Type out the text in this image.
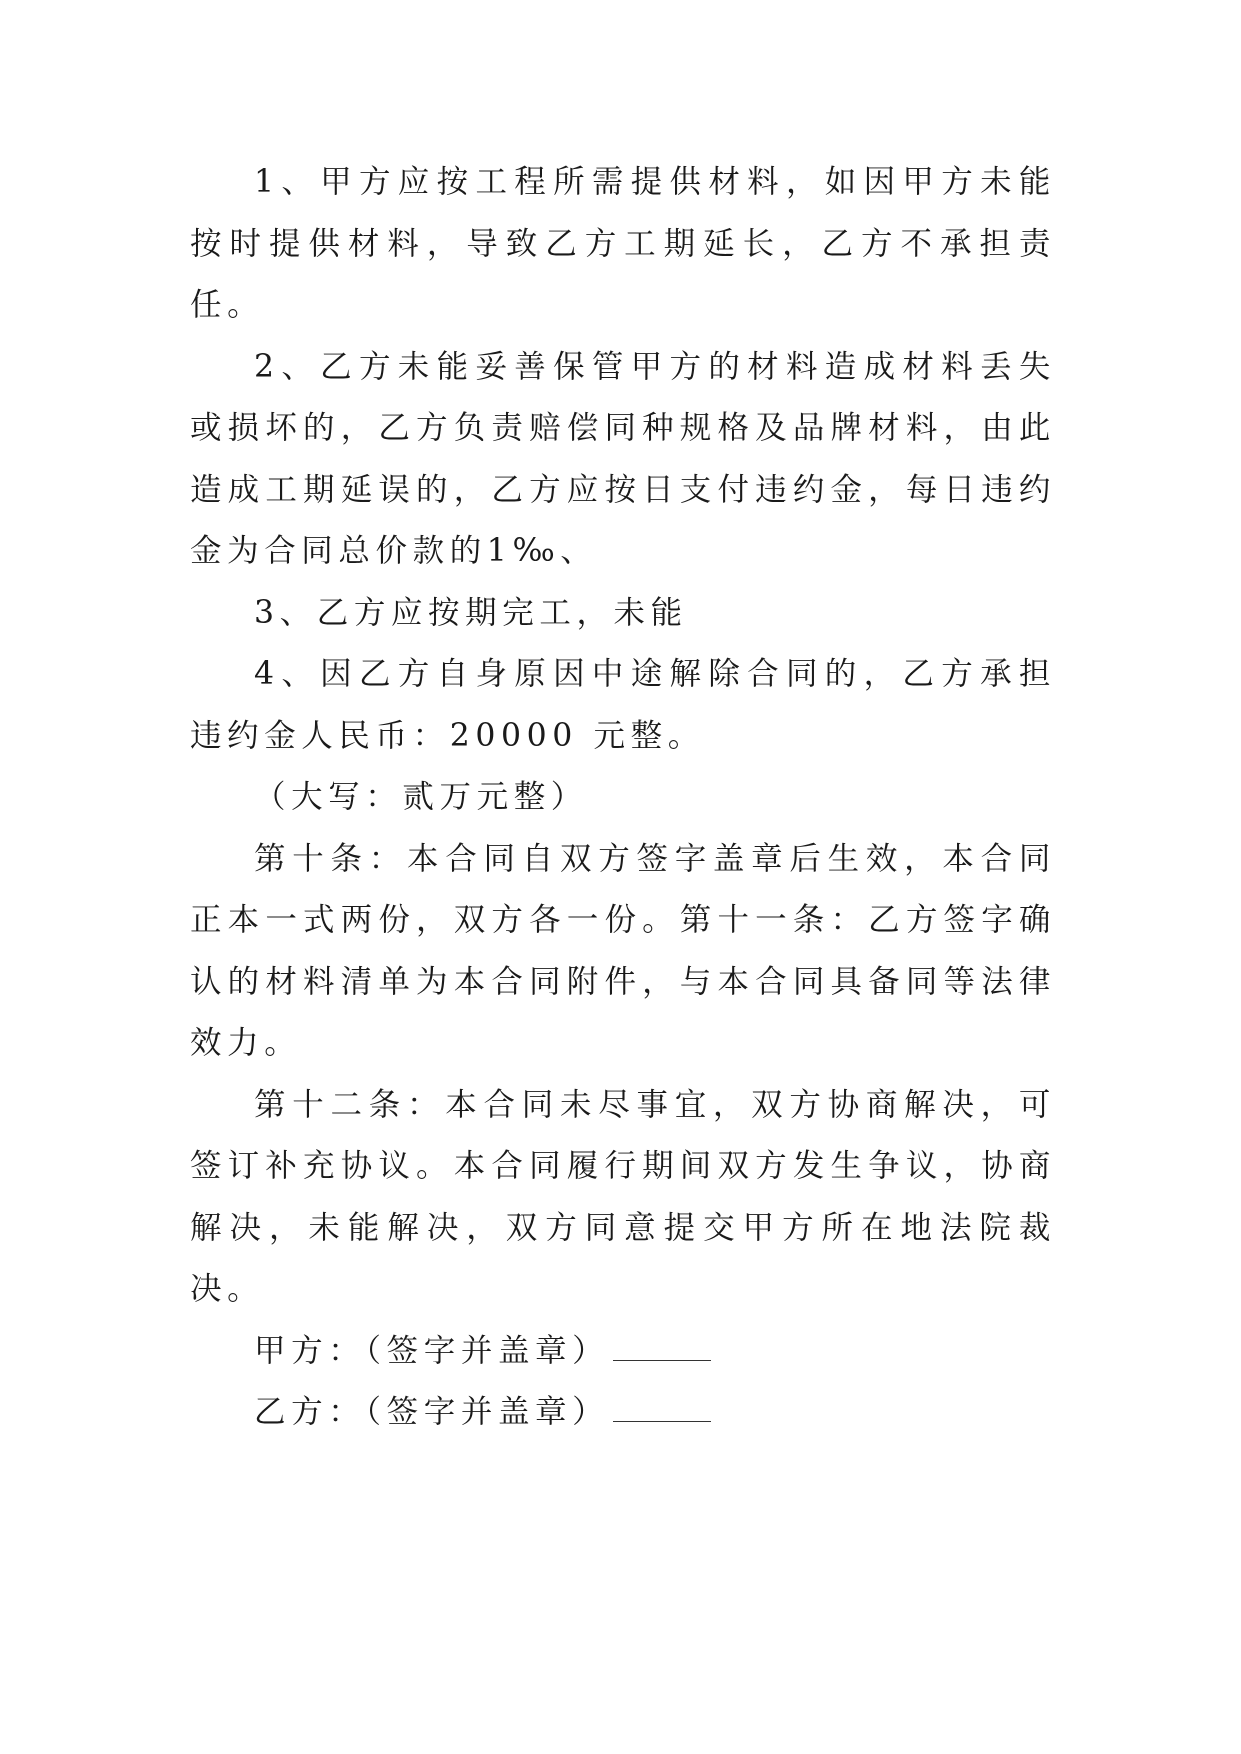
1、甲方应按工程所需提供材料，如因甲方未能按时提供材料，导致乙方工期延长，乙方不承担责任。

2、乙方未能妥善保管甲方的材料造成材料丢失或损坏的，乙方负责赔偿同种规格及品牌材料，由此造成工期延误的，乙方应按日支付违约金，每日违约金为合同总价款的1‰、

3、乙方应按期完工，未能

4、因乙方自身原因中途解除合同的，乙方承担违约金人民币：20000 元整。

（大写：贰万元整）

第十条：本合同自双方签字盖章后生效，本合同正本一式两份，双方各一份。第十一条：乙方签字确认的材料清单为本合同附件，与本合同具备同等法律效力。

第十二条：本合同未尽事宜，双方协商解决，可签订补充协议。本合同履行期间双方发生争议，协商解决，未能解决，双方同意提交甲方所在地法院裁决。

甲方：（签字并盖章）

乙方：（签字并盖章）
